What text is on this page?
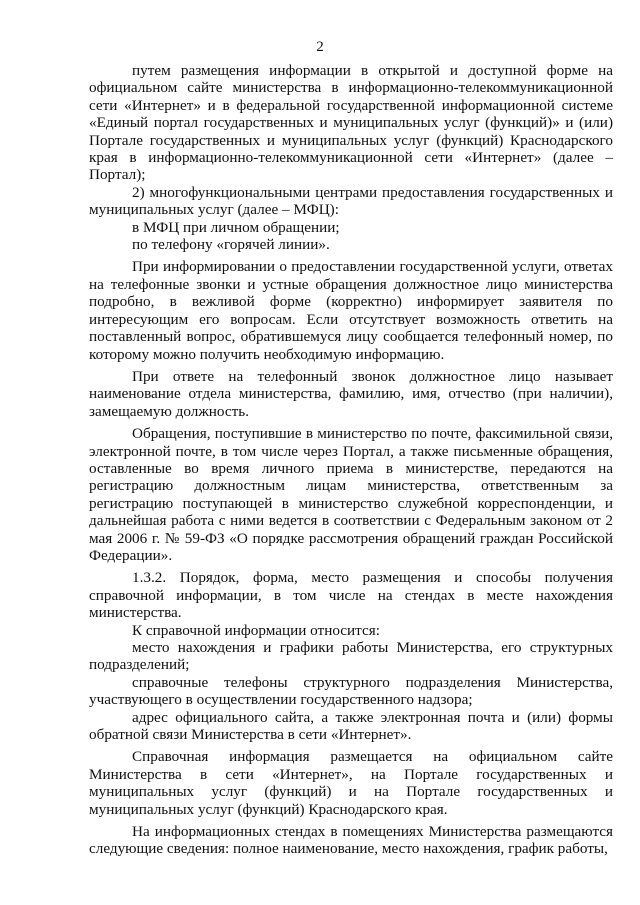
2

путем размещения информации в открытой и доступной форме на официальном сайте министерства в информационно-телекоммуникационной сети «Интернет» и в федеральной государственной информационной системе «Единый портал государственных и муниципальных услуг (функций)» и (или) Портале государственных и муниципальных услуг (функций) Краснодарского края в информационно-телекоммуникационной сети «Интернет» (далее – Портал);

2) многофункциональными центрами предоставления государственных и муниципальных услуг (далее – МФЦ):

в МФЦ при личном обращении;

по телефону «горячей линии».

При информировании о предоставлении государственной услуги, ответах на телефонные звонки и устные обращения должностное лицо министерства подробно, в вежливой форме (корректно) информирует заявителя по интересующим его вопросам. Если отсутствует возможность ответить на поставленный вопрос, обратившемуся лицу сообщается телефонный номер, по которому можно получить необходимую информацию.

При ответе на телефонный звонок должностное лицо называет наименование отдела министерства, фамилию, имя, отчество (при наличии), замещаемую должность.

Обращения, поступившие в министерство по почте, факсимильной связи, электронной почте, в том числе через Портал, а также письменные обращения, оставленные во время личного приема в министерстве, передаются на регистрацию должностным лицам министерства, ответственным за регистрацию поступающей в министерство служебной корреспонденции, и дальнейшая работа с ними ведется в соответствии с Федеральным законом от 2 мая 2006 г. № 59-ФЗ «О порядке рассмотрения обращений граждан Российской Федерации».

1.3.2. Порядок, форма, место размещения и способы получения справочной информации, в том числе на стендах в месте нахождения министерства.

К справочной информации относится:

место нахождения и графики работы Министерства, его структурных подразделений;

справочные телефоны структурного подразделения Министерства, участвующего в осуществлении государственного надзора;

адрес официального сайта, а также электронная почта и (или) формы обратной связи Министерства в сети «Интернет».

Справочная информация размещается на официальном сайте Министерства в сети «Интернет», на Портале государственных и муниципальных услуг (функций) и на Портале государственных и муниципальных услуг (функций) Краснодарского края.

На информационных стендах в помещениях Министерства размещаются следующие сведения: полное наименование, место нахождения, график работы,
